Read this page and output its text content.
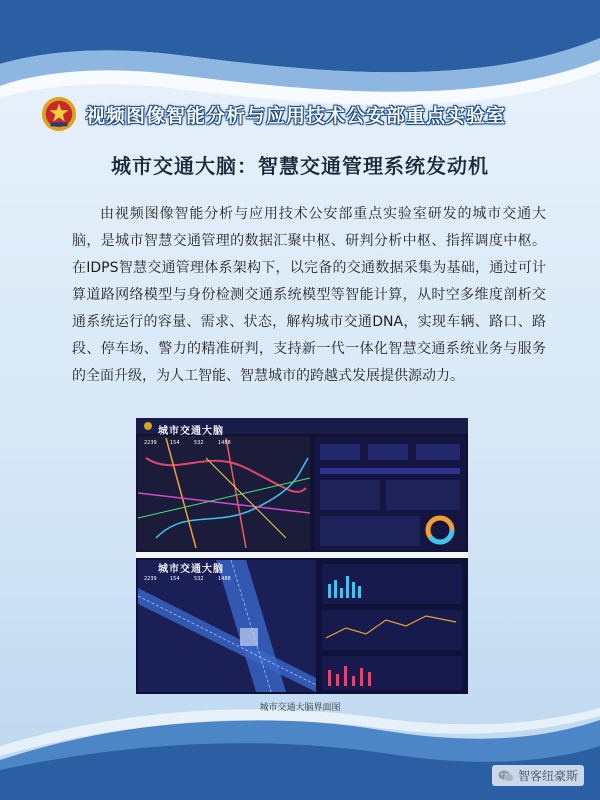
视频图像智能分析与应用技术公安部重点实验室
城市交通大脑：智慧交通管理系统发动机

由视频图像智能分析与应用技术公安部重点实验室研发的城市交通大脑，是城市智慧交通管理的数据汇聚中枢、研判分析中枢、指挥调度中枢。在IDPS智慧交通管理体系架构下，以完备的交通数据采集为基础，通过可计算道路网络模型与身份检测交通系统模型等智能计算，从时空多维度剖析交通系统运行的容量、需求、状态，解构城市交通DNA，实现车辆、路口、路段、停车场、警力的精准研判，支持新一代一体化智慧交通系统业务与服务的全面升级，为人工智能、智慧城市的跨越式发展提供源动力。

城市交通大脑
2239	154	532	1488
城市交通大脑
2239	154	532	1488
城市交通大脑界面图
智客纽豪斯
